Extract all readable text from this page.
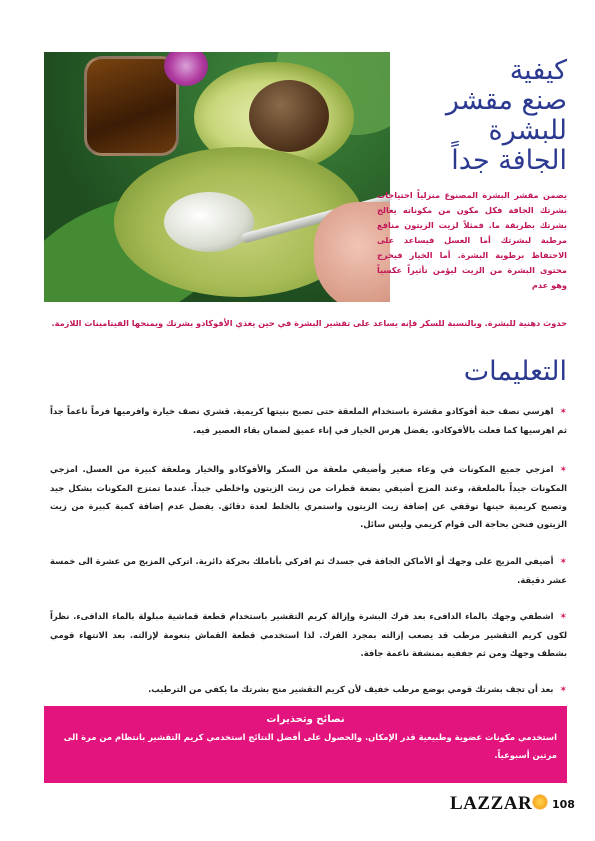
كيفية
صنع مقشر
للبشرة
الجافة جداً

يضمن مقشر البشرة المصنوع منزلياً احتياجات بشرتك الجافة فكل مكون من مكوناته يعالج بشرتك بطريقة ما. فمثلاً لزيت الزيتون منافع مرطبة لبشرتك أما العسل فيساعد على الاحتفاظ برطوبة البشرة. أما الخيار فيخرج محتوى البشرة من الزيت ليؤمن تأثيراً عكسياً وهو عدم

حدوث دهنية للبشرة. وبالنسبة للسكر فإنه يساعد على تقشير البشرة في حين يغذي الأفوكادو بشرتك ويمنحها الفيتامينات اللازمة.

التعليمات

✶اهرسي نصف حبة أفوكادو مقشرة باستخدام الملعقة حتى تصبح بنيتها كريمية. قشري نصف خيارة وافرميها فرماً ناعماً جداً ثم اهرسيها كما فعلت بالأفوكادو. يفضل هرس الخيار في إناء عميق لضمان بقاء العصير فيه.

✶امزجي جميع المكونات في وعاء صغير وأضيفي ملعقة من السكر والأفوكادو والخيار وملعقة كبيرة من العسل. امزجي المكونات جيداً بالملعقة، وعند المزج أضيفي بضعة قطرات من زيت الزيتون واخلطي جيداً. عندما تمتزج المكونات بشكل جيد وتصبح كريمية حينها توقفي عن إضافة زيت الزيتون واستمري بالخلط لعدة دقائق. يفضل عدم إضافة كمية كبيرة من زيت الزيتون فنحن بحاجة الى قوام كريمي وليس سائل.

✶أضيفي المزيج على وجهك أو الأماكن الجافة في جسدك ثم افركي بأناملك بحركة دائرية. اتركي المزيج من عشرة الى خمسة عشر دقيقة.

✶اشطفي وجهك بالماء الدافىء بعد فرك البشرة وإزالة كريم التقشير باستخدام قطعة قماشية مبلولة بالماء الدافىء. نظراً لكون كريم التقشير مرطب قد يصعب إزالته بمجرد الفرك. لذا استخدمي قطعة القماش بنعومة لإزالته. بعد الانتهاء قومي بشطف وجهك ومن ثم جففيه بمنشفة ناعمة جافة.

✶بعد أن تجف بشرتك قومي بوضع مرطب خفيف لأن كريم التقشير منح بشرتك ما يكفي من الترطيب.

نصائح وتحذيرات

استخدمي مكونات عضوية وطبيعية قدر الإمكان. والحصول على أفضل النتائج استخدمي كريم التقشير بانتظام من مرة الى مرتين أسبوعياً.

LAZZAR	108
